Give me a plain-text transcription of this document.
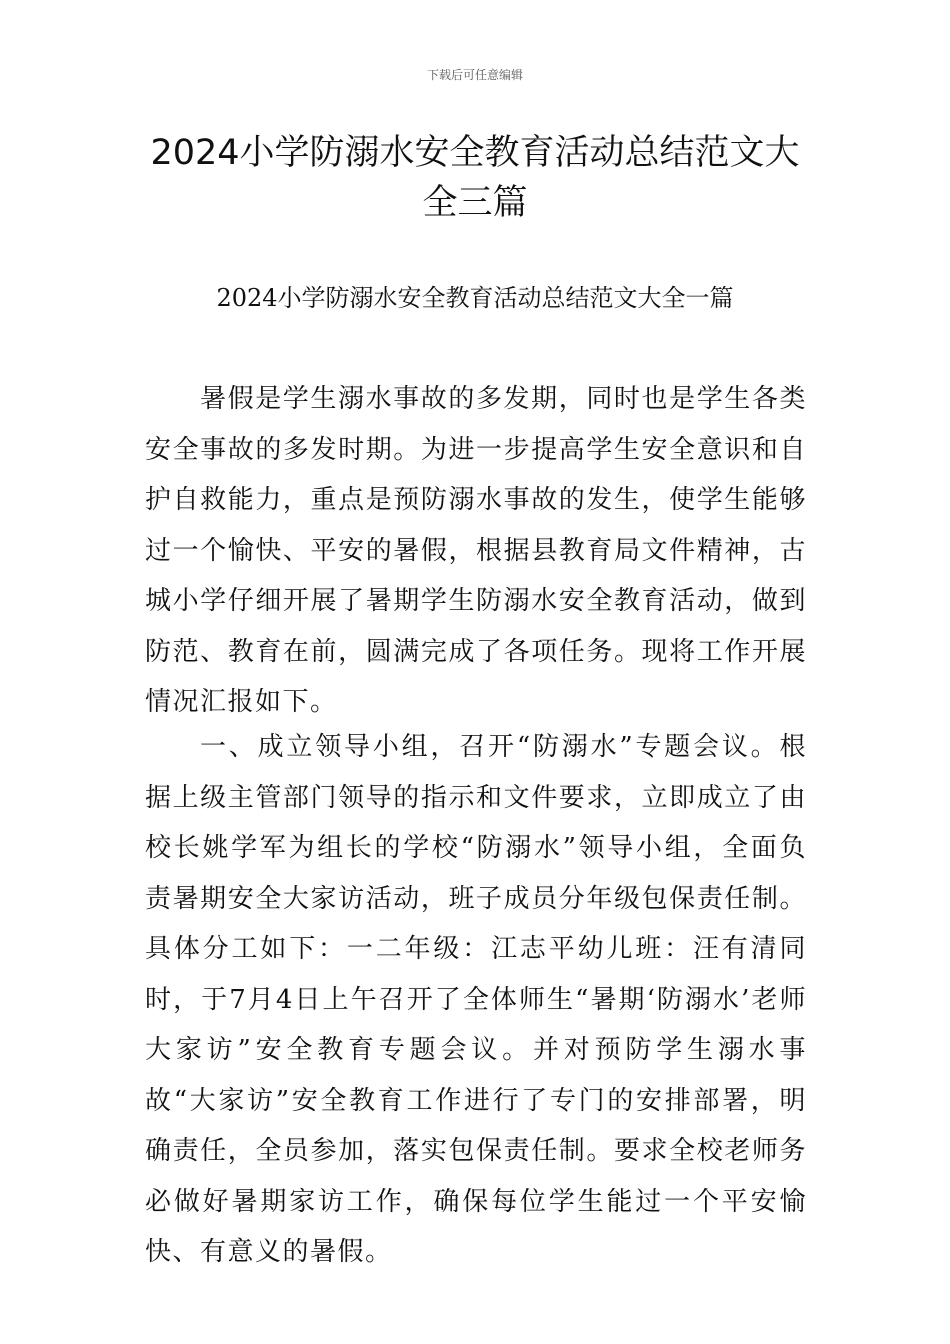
下载后可任意编辑
2024小学防溺水安全教育活动总结范文大全三篇
2024小学防溺水安全教育活动总结范文大全一篇

暑假是学生溺水事故的多发期，同时也是学生各类安全事故的多发时期。为进一步提高学生安全意识和自护自救能力，重点是预防溺水事故的发生，使学生能够过一个愉快、平安的暑假，根据县教育局文件精神，古城小学仔细开展了暑期学生防溺水安全教育活动，做到防范、教育在前，圆满完成了各项任务。现将工作开展情况汇报如下。

一、成立领导小组，召开“防溺水”专题会议。根据上级主管部门领导的指示和文件要求，立即成立了由校长姚学军为组长的学校“防溺水”领导小组，全面负责暑期安全大家访活动，班子成员分年级包保责任制。具体分工如下：一二年级：江志平幼儿班：汪有清同时，于7月4日上午召开了全体师生“暑期‘防溺水’老师大家访”安全教育专题会议。并对预防学生溺水事故“大家访”安全教育工作进行了专门的安排部署，明确责任，全员参加，落实包保责任制。要求全校老师务必做好暑期家访工作，确保每位学生能过一个平安愉快、有意义的暑假。
